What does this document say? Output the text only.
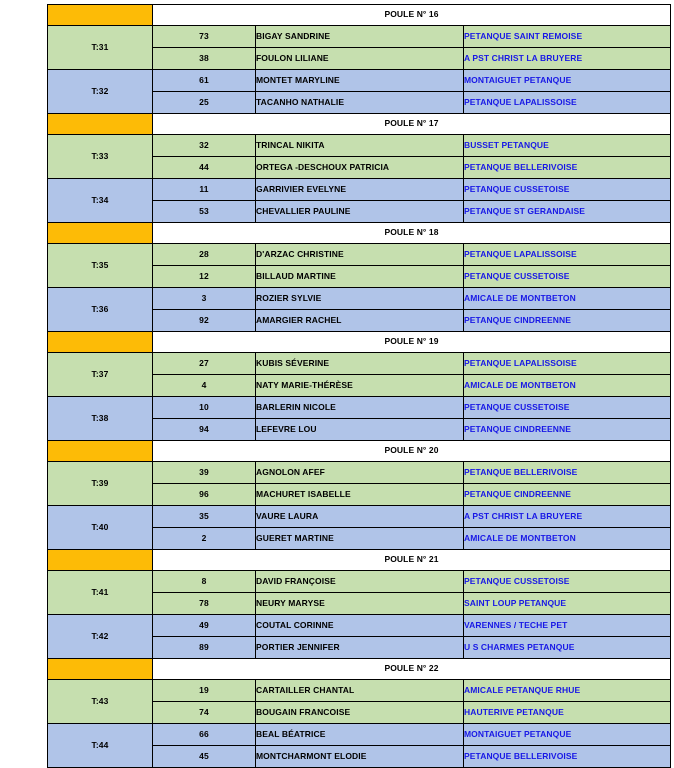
	POULE N° 16		
T:31	73	BIGAY SANDRINE	PETANQUE SAINT REMOISE
	38	FOULON LILIANE	A PST CHRIST LA BRUYERE
T:32	61	MONTET MARYLINE	MONTAIGUET PETANQUE
	25	TACANHO NATHALIE	PETANQUE LAPALISSOISE
	POULE N° 17		
T:33	32	TRINCAL NIKITA	BUSSET PETANQUE
	44	ORTEGA -DESCHOUX PATRICIA	PETANQUE BELLERIVOISE
T:34	11	GARRIVIER EVELYNE	PETANQUE CUSSETOISE
	53	CHEVALLIER PAULINE	PETANQUE ST GERANDAISE
	POULE N° 18		
T:35	28	D'ARZAC CHRISTINE	PETANQUE LAPALISSOISE
	12	BILLAUD MARTINE	PETANQUE CUSSETOISE
T:36	3	ROZIER SYLVIE	AMICALE DE MONTBETON
	92	AMARGIER RACHEL	PETANQUE CINDREENNE
	POULE N° 19		
T:37	27	KUBIS SÉVERINE	PETANQUE LAPALISSOISE
	4	NATY MARIE-THÉRÈSE	AMICALE DE MONTBETON
T:38	10	BARLERIN NICOLE	PETANQUE CUSSETOISE
	94	LEFEVRE LOU	PETANQUE CINDREENNE
	POULE N° 20		
T:39	39	AGNOLON AFEF	PETANQUE BELLERIVOISE
	96	MACHURET ISABELLE	PETANQUE CINDREENNE
T:40	35	VAURE LAURA	A PST CHRIST LA BRUYERE
	2	GUERET MARTINE	AMICALE DE MONTBETON
	POULE N° 21		
T:41	8	DAVID FRANÇOISE	PETANQUE CUSSETOISE
	78	NEURY MARYSE	SAINT LOUP PETANQUE
T:42	49	COUTAL CORINNE	VARENNES / TECHE PET
	89	PORTIER JENNIFER	U S CHARMES PETANQUE
	POULE N° 22		
T:43	19	CARTAILLER CHANTAL	AMICALE PETANQUE RHUE
	74	BOUGAIN FRANCOISE	HAUTERIVE PETANQUE
T:44	66	BEAL BÉATRICE	MONTAIGUET PETANQUE
	45	MONTCHARMONT ELODIE	PETANQUE BELLERIVOISE
